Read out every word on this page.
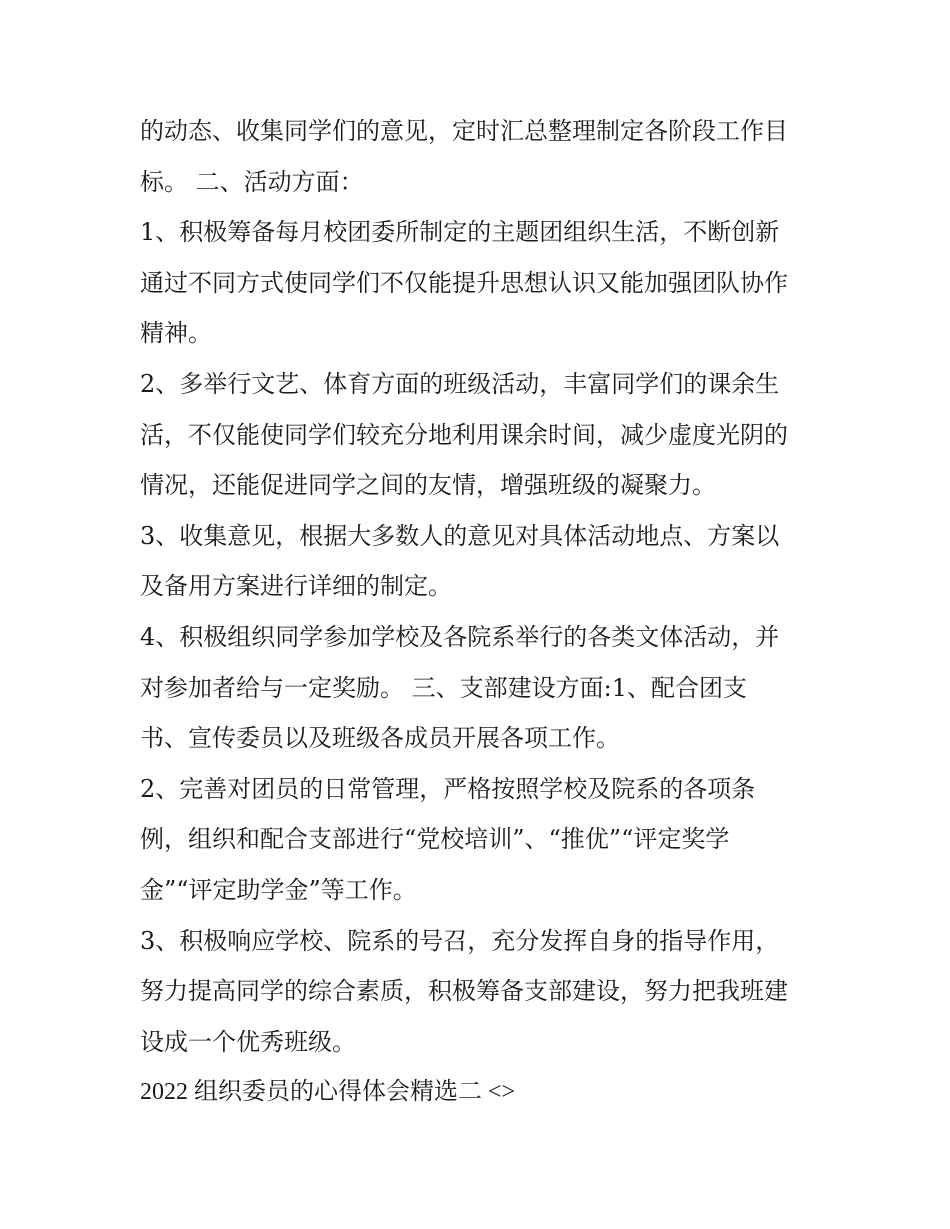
的动态、收集同学们的意见，定时汇总整理制定各阶段工作目
标。 二、活动方面：
1、积极筹备每月校团委所制定的主题团组织生活，不断创新
通过不同方式使同学们不仅能提升思想认识又能加强团队协作
精神。
2、多举行文艺、体育方面的班级活动，丰富同学们的课余生
活，不仅能使同学们较充分地利用课余时间，减少虚度光阴的
情况，还能促进同学之间的友情，增强班级的凝聚力。
3、收集意见，根据大多数人的意见对具体活动地点、方案以
及备用方案进行详细的制定。
4、积极组织同学参加学校及各院系举行的各类文体活动，并
对参加者给与一定奖励。 三、支部建设方面:1、配合团支
书、宣传委员以及班级各成员开展各项工作。
2、完善对团员的日常管理，严格按照学校及院系的各项条
例，组织和配合支部进行“党校培训”、“推优”“评定奖学
金”“评定助学金”等工作。
3、积极响应学校、院系的号召，充分发挥自身的指导作用，
努力提高同学的综合素质，积极筹备支部建设，努力把我班建
设成一个优秀班级。
2022 组织委员的心得体会精选二 <>
